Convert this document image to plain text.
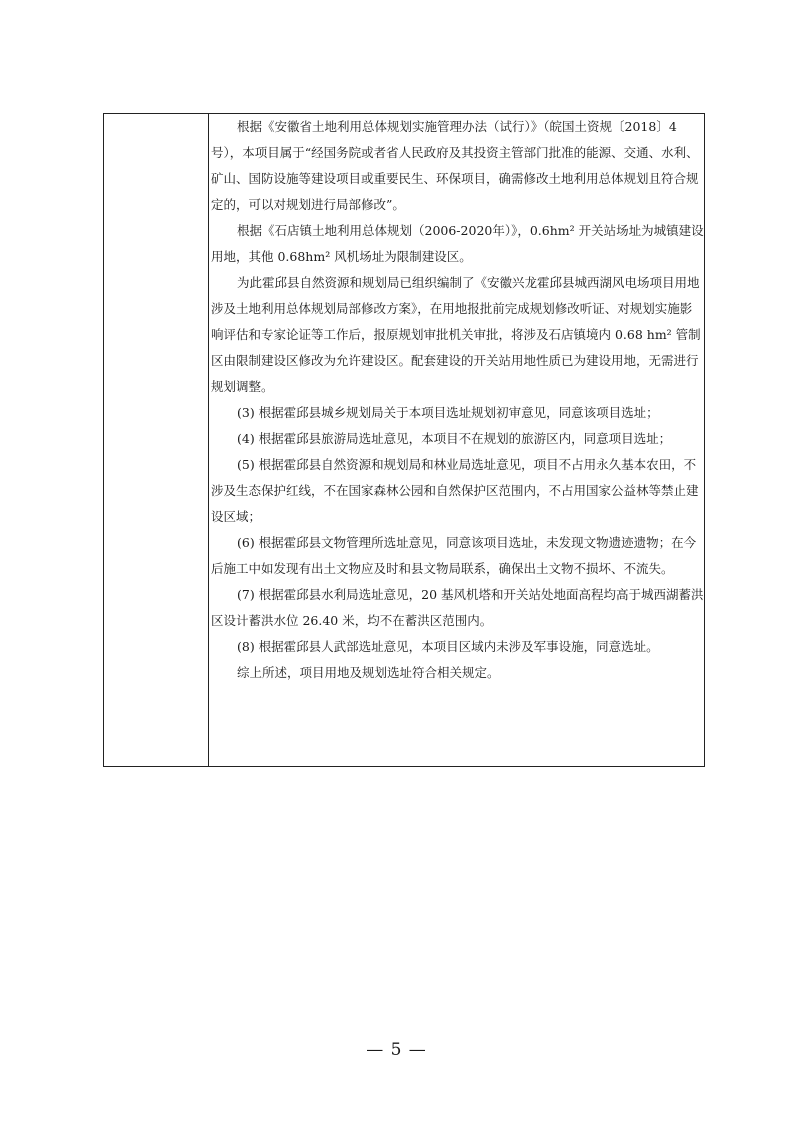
根据《安徽省土地利用总体规划实施管理办法（试行）》（皖国土资规〔2018〕4号），本项目属于“经国务院或者省人民政府及其投资主管部门批准的能源、交通、水利、矿山、国防设施等建设项目或重要民生、环保项目，确需修改土地利用总体规划且符合规定的，可以对规划进行局部修改”。

根据《石店镇土地利用总体规划（2006-2020年）》，0.6hm² 开关站场址为城镇建设用地，其他 0.68hm² 风机场址为限制建设区。

为此霍邱县自然资源和规划局已组织编制了《安徽兴龙霍邱县城西湖风电场项目用地涉及土地利用总体规划局部修改方案》，在用地报批前完成规划修改听证、对规划实施影响评估和专家论证等工作后，报原规划审批机关审批，将涉及石店镇境内 0.68 hm² 管制区由限制建设区修改为允许建设区。配套建设的开关站用地性质已为建设用地，无需进行规划调整。

(3) 根据霍邱县城乡规划局关于本项目选址规划初审意见，同意该项目选址；

(4) 根据霍邱县旅游局选址意见，本项目不在规划的旅游区内，同意项目选址；

(5) 根据霍邱县自然资源和规划局和林业局选址意见，项目不占用永久基本农田，不涉及生态保护红线，不在国家森林公园和自然保护区范围内，不占用国家公益林等禁止建设区域；

(6) 根据霍邱县文物管理所选址意见，同意该项目选址，未发现文物遗迹遗物；在今后施工中如发现有出土文物应及时和县文物局联系，确保出土文物不损坏、不流失。

(7) 根据霍邱县水利局选址意见，20 基风机塔和开关站处地面高程均高于城西湖蓄洪区设计蓄洪水位 26.40 米，均不在蓄洪区范围内。

(8) 根据霍邱县人武部选址意见，本项目区域内未涉及军事设施，同意选址。

综上所述，项目用地及规划选址符合相关规定。

— 5 —
